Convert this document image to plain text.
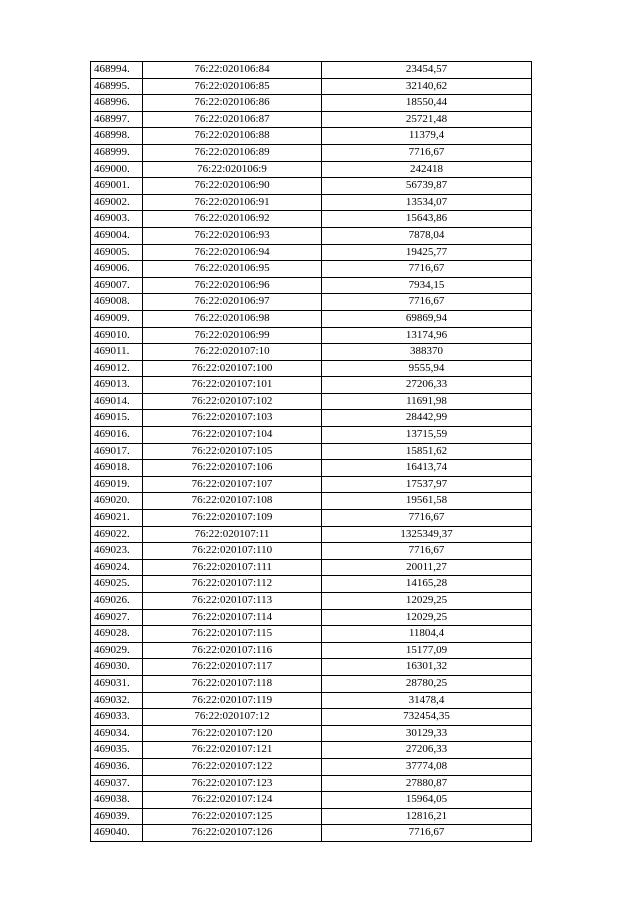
468994.	76:22:020106:84	23454,57
468995.	76:22:020106:85	32140,62
468996.	76:22:020106:86	18550,44
468997.	76:22:020106:87	25721,48
468998.	76:22:020106:88	11379,4
468999.	76:22:020106:89	7716,67
469000.	76:22:020106:9	242418
469001.	76:22:020106:90	56739,87
469002.	76:22:020106:91	13534,07
469003.	76:22:020106:92	15643,86
469004.	76:22:020106:93	7878,04
469005.	76:22:020106:94	19425,77
469006.	76:22:020106:95	7716,67
469007.	76:22:020106:96	7934,15
469008.	76:22:020106:97	7716,67
469009.	76:22:020106:98	69869,94
469010.	76:22:020106:99	13174,96
469011.	76:22:020107:10	388370
469012.	76:22:020107:100	9555,94
469013.	76:22:020107:101	27206,33
469014.	76:22:020107:102	11691,98
469015.	76:22:020107:103	28442,99
469016.	76:22:020107:104	13715,59
469017.	76:22:020107:105	15851,62
469018.	76:22:020107:106	16413,74
469019.	76:22:020107:107	17537,97
469020.	76:22:020107:108	19561,58
469021.	76:22:020107:109	7716,67
469022.	76:22:020107:11	1325349,37
469023.	76:22:020107:110	7716,67
469024.	76:22:020107:111	20011,27
469025.	76:22:020107:112	14165,28
469026.	76:22:020107:113	12029,25
469027.	76:22:020107:114	12029,25
469028.	76:22:020107:115	11804,4
469029.	76:22:020107:116	15177,09
469030.	76:22:020107:117	16301,32
469031.	76:22:020107:118	28780,25
469032.	76:22:020107:119	31478,4
469033.	76:22:020107:12	732454,35
469034.	76:22:020107:120	30129,33
469035.	76:22:020107:121	27206,33
469036.	76:22:020107:122	37774,08
469037.	76:22:020107:123	27880,87
469038.	76:22:020107:124	15964,05
469039.	76:22:020107:125	12816,21
469040.	76:22:020107:126	7716,67
